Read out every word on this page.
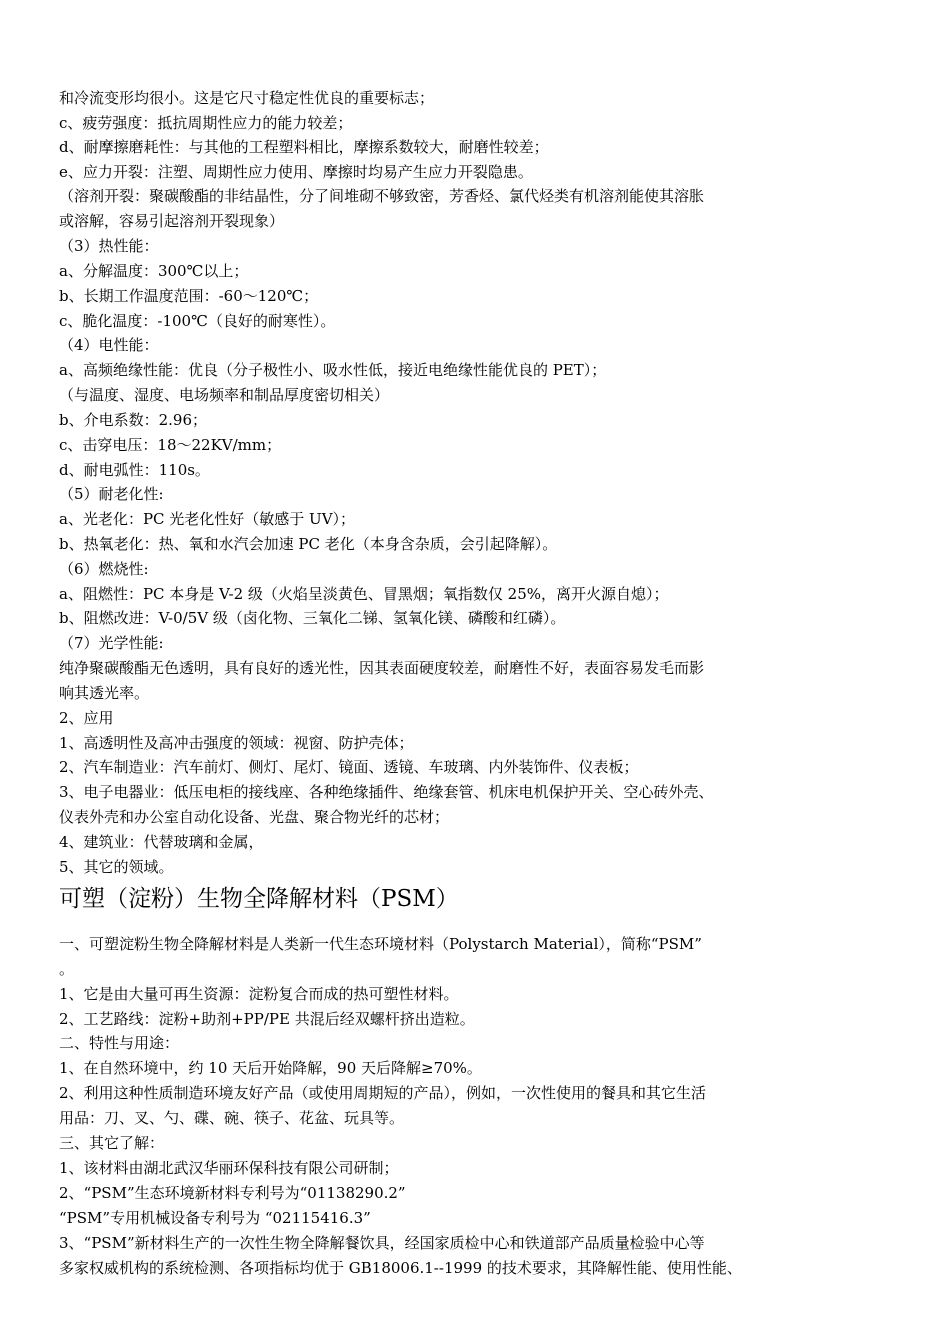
和冷流变形均很小。这是它尺寸稳定性优良的重要标志；
c、疲劳强度：抵抗周期性应力的能力较差；
d、耐摩擦磨耗性：与其他的工程塑料相比，摩擦系数较大，耐磨性较差；
e、应力开裂：注塑、周期性应力使用、摩擦时均易产生应力开裂隐患。
（溶剂开裂：聚碳酸酯的非结晶性，分了间堆砌不够致密，芳香烃、氯代烃类有机溶剂能使其溶胀
或溶解，容易引起溶剂开裂现象）
（3）热性能：
a、分解温度：300℃以上；
b、长期工作温度范围：-60～120℃；
c、脆化温度：-100℃（良好的耐寒性）。
（4）电性能：
a、高频绝缘性能：优良（分子极性小、吸水性低，接近电绝缘性能优良的 PET）；
（与温度、湿度、电场频率和制品厚度密切相关）
b、介电系数：2.96；
c、击穿电压：18～22KV/mm；
d、耐电弧性：110s。
（5）耐老化性:
a、光老化：PC 光老化性好（敏感于 UV）；
b、热氧老化：热、氧和水汽会加速 PC 老化（本身含杂质，会引起降解）。
（6）燃烧性:
a、阻燃性：PC 本身是 V-2 级（火焰呈淡黄色、冒黑烟；氧指数仅 25%，离开火源自熄）；
b、阻燃改进：V-0/5V 级（卤化物、三氧化二锑、氢氧化镁、磷酸和红磷）。
（7）光学性能:
纯净聚碳酸酯无色透明，具有良好的透光性，因其表面硬度较差，耐磨性不好，表面容易发毛而影
响其透光率。
2、应用
1、高透明性及高冲击强度的领域：视窗、防护壳体；
2、汽车制造业：汽车前灯、侧灯、尾灯、镜面、透镜、车玻璃、内外装饰件、仪表板；
3、电子电器业：低压电柜的接线座、各种绝缘插件、绝缘套管、机床电机保护开关、空心砖外壳、
仪表外壳和办公室自动化设备、光盘、聚合物光纤的芯材；
4、建筑业：代替玻璃和金属，
5、其它的领域。
可塑（淀粉）生物全降解材料（PSM）
一、可塑淀粉生物全降解材料是人类新一代生态环境材料（Polystarch Material），简称“PSM”
。
1、它是由大量可再生资源：淀粉复合而成的热可塑性材料。
2、工艺路线：淀粉+助剂+PP/PE 共混后经双螺杆挤出造粒。
二、特性与用途：
1、在自然环境中，约 10 天后开始降解，90 天后降解≥70%。
2、利用这种性质制造环境友好产品（或使用周期短的产品），例如，一次性使用的餐具和其它生活
用品：刀、叉、勺、碟、碗、筷子、花盆、玩具等。
三、其它了解：
1、该材料由湖北武汉华丽环保科技有限公司研制；
2、“PSM”生态环境新材料专利号为“01138290.2”
“PSM”专用机械设备专利号为 “02115416.3”
3、“PSM”新材料生产的一次性生物全降解餐饮具，经国家质检中心和铁道部产品质量检验中心等
多家权威机构的系统检测、各项指标均优于 GB18006.1--1999 的技术要求，其降解性能、使用性能、
